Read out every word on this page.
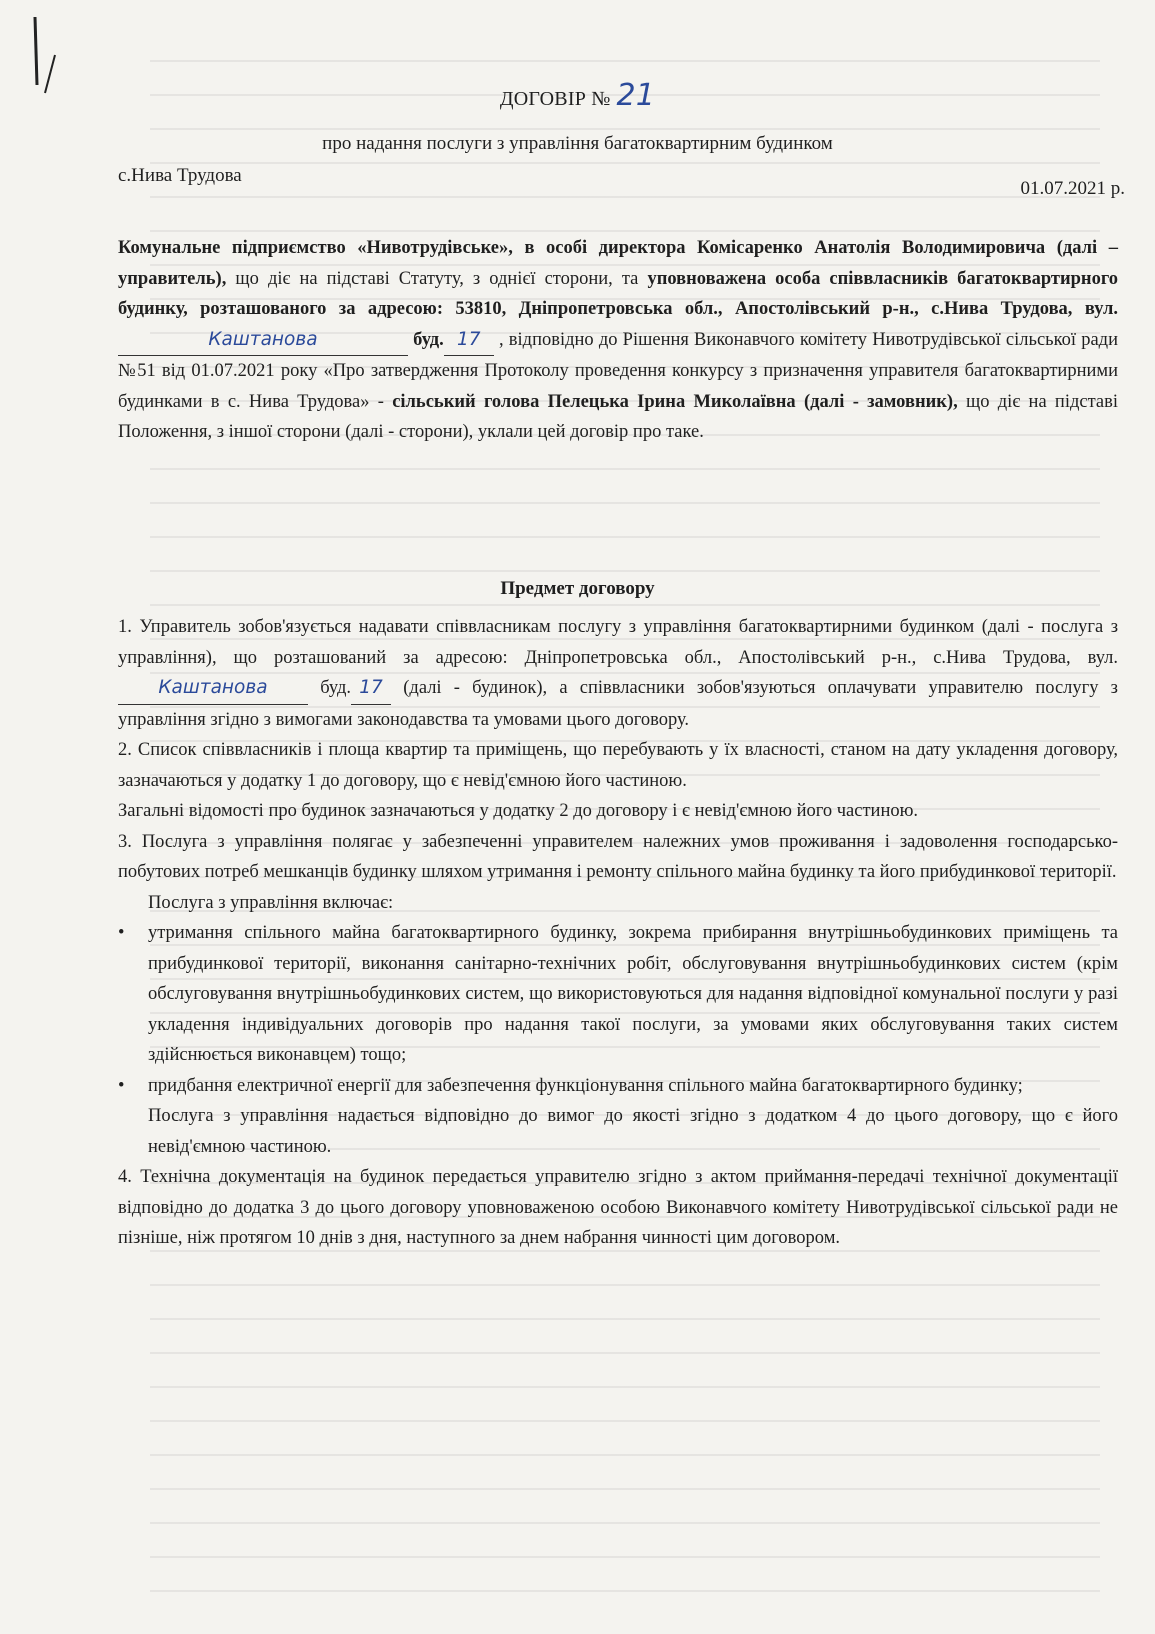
ДОГОВІР № 21
про надання послуги з управління багатоквартирним будинком
с.Нива Трудова
01.07.2021 р.
Комунальне підприємство «Нивотрудівське», в особі директора Комісаренко Анатолія Володимировича (далі – управитель), що діє на підставі Статуту, з однієї сторони, та уповноважена особа співвласників багатоквартирного будинку, розташованого за адресою: 53810, Дніпропетровська обл., Апостолівський р-н., с.Нива Трудова, вул.Каштанова	буд. 17 , відповідно до Рішення Виконавчого комітету Нивотрудівської сільської ради №51 від 01.07.2021 року «Про затвердження Протоколу проведення конкурсу з призначення управителя багатоквартирними будинками в с. Нива Трудова» - сільський голова Пелецька Ірина Миколаївна (далі - замовник), що діє на підставі Положення, з іншої сторони (далі - сторони), уклали цей договір про таке.
Предмет договору
1. Управитель зобов'язується надавати співвласникам послугу з управління багатоквартирними будинком (далі - послуга з управління), що розташований за адресою: Дніпропетровська обл., Апостолівський р-н., с.Нива Трудова, вул.Каштанова буд. 17 (далі - будинок), а співвласники зобов'язуються оплачувати управителю послугу з управління згідно з вимогами законодавства та умовами цього договору.
2. Список співвласників і площа квартир та приміщень, що перебувають у їх власності, станом на дату укладення договору, зазначаються у додатку 1 до договору, що є невід'ємною його частиною.
Загальні відомості про будинок зазначаються у додатку 2 до договору і є невід'ємною його частиною.
3. Послуга з управління полягає у забезпеченні управителем належних умов проживання і задоволення господарсько-побутових потреб мешканців будинку шляхом утримання і ремонту спільного майна будинку та його прибудинкової території.
Послуга з управління включає:
• утримання спільного майна багатоквартирного будинку, зокрема прибирання внутрішньобудинкових приміщень та прибудинкової території, виконання санітарно-технічних робіт, обслуговування внутрішньобудинкових систем (крім обслуговування внутрішньобудинкових систем, що використовуються для надання відповідної комунальної послуги у разі укладення індивідуальних договорів про надання такої послуги, за умовами яких обслуговування таких систем здійснюється виконавцем) тощо;
• придбання електричної енергії для забезпечення функціонування спільного майна багатоквартирного будинку;
Послуга з управління надається відповідно до вимог до якості згідно з додатком 4 до цього договору, що є його невід'ємною частиною.
4. Технічна документація на будинок передається управителю згідно з актом приймання-передачі технічної документації відповідно до додатка 3 до цього договору уповноваженою особою Виконавчого комітету Нивотрудівської сільської ради не пізніше, ніж протягом 10 днів з дня, наступного за днем набрання чинності цим договором.
